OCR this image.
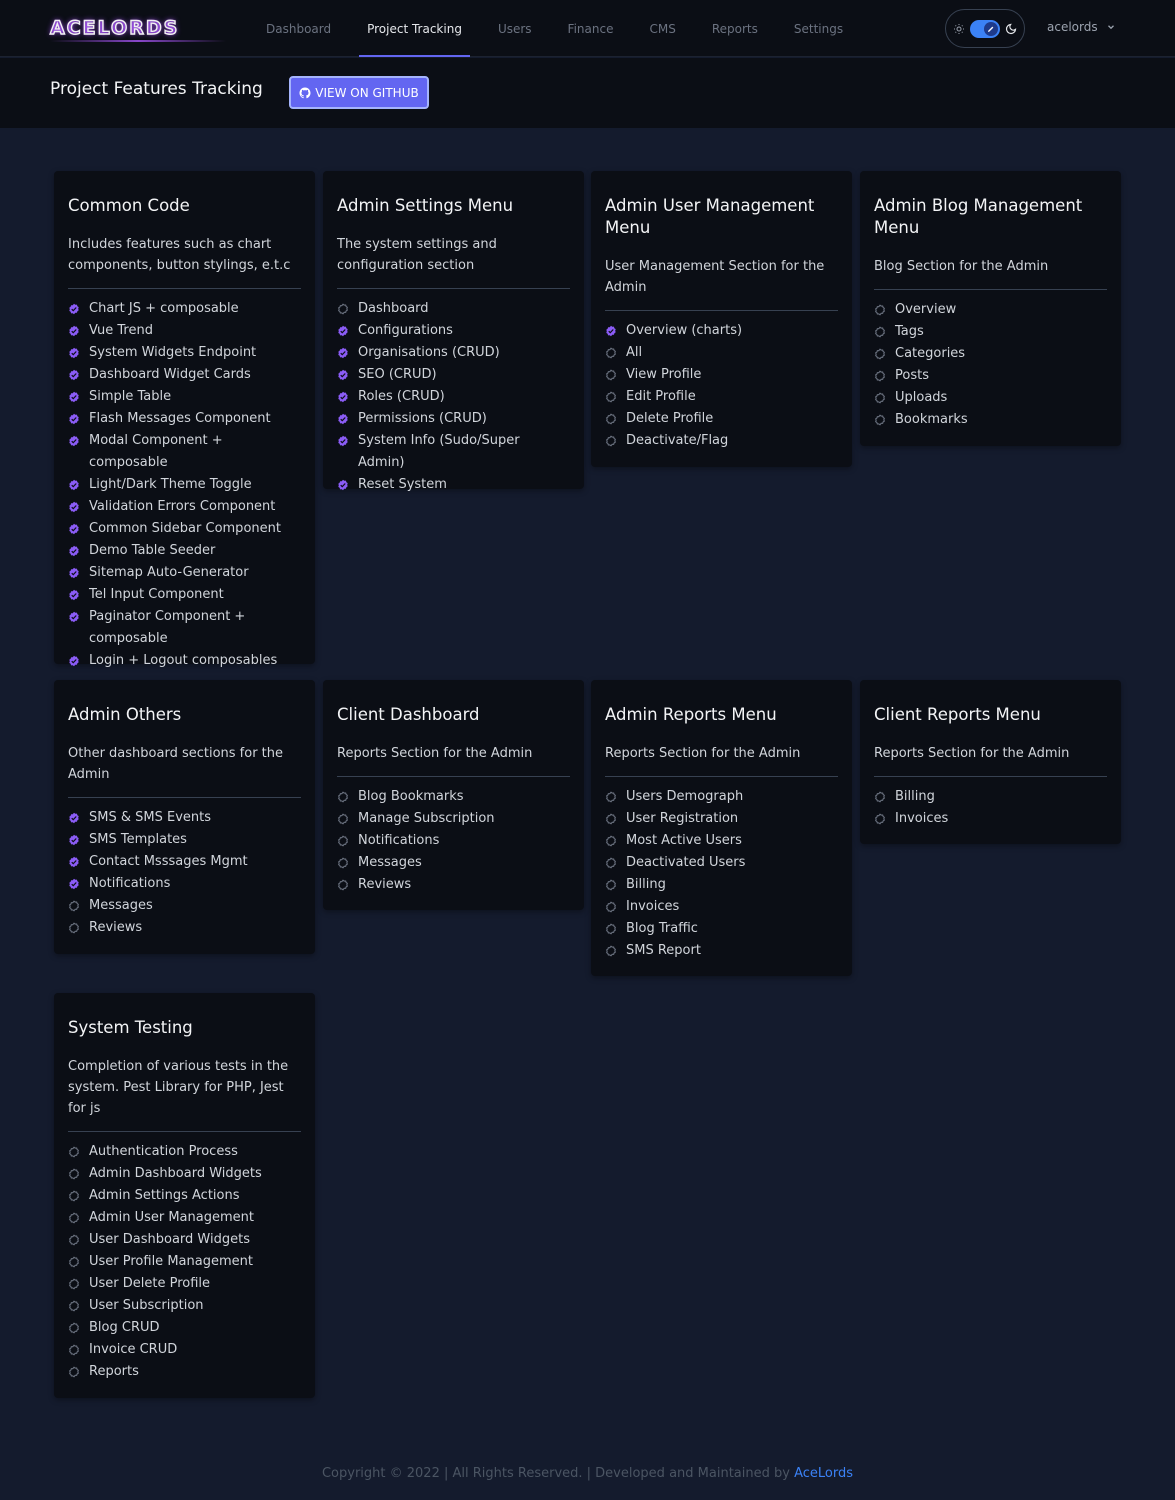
ACELORDS	Dashboard	Project Tracking	Users	Finance	CMS	Reports	Settings	acelords
Project Features Tracking	VIEW ON GITHUB
Common Code
Includes features such as chart components, button stylings, e.t.c
Chart JS + composable
Vue Trend
System Widgets Endpoint
Dashboard Widget Cards
Simple Table
Flash Messages Component
Modal Component + composable
Light/Dark Theme Toggle
Validation Errors Component
Common Sidebar Component
Demo Table Seeder
Sitemap Auto-Generator
Tel Input Component
Paginator Component + composable
Login + Logout composables
Admin Settings Menu
The system settings and configuration section
Dashboard
Configurations
Organisations (CRUD)
SEO (CRUD)
Roles (CRUD)
Permissions (CRUD)
System Info (Sudo/Super Admin)
Reset System
Admin User Management Menu
User Management Section for the Admin
Overview (charts)
All
View Profile
Edit Profile
Delete Profile
Deactivate/Flag
Admin Blog Management Menu
Blog Section for the Admin
Overview
Tags
Categories
Posts
Uploads
Bookmarks
Admin Others
Other dashboard sections for the Admin
SMS & SMS Events
SMS Templates
Contact Msssages Mgmt
Notifications
Messages
Reviews
Client Dashboard
Reports Section for the Admin
Blog Bookmarks
Manage Subscription
Notifications
Messages
Reviews
Admin Reports Menu
Reports Section for the Admin
Users Demograph
User Registration
Most Active Users
Deactivated Users
Billing
Invoices
Blog Traffic
SMS Report
Client Reports Menu
Reports Section for the Admin
Billing
Invoices
System Testing
Completion of various tests in the system. Pest Library for PHP, Jest for js
Authentication Process
Admin Dashboard Widgets
Admin Settings Actions
Admin User Management
User Dashboard Widgets
User Profile Management
User Delete Profile
User Subscription
Blog CRUD
Invoice CRUD
Reports
Copyright © 2022 | All Rights Reserved. | Developed and Maintained by AceLords
